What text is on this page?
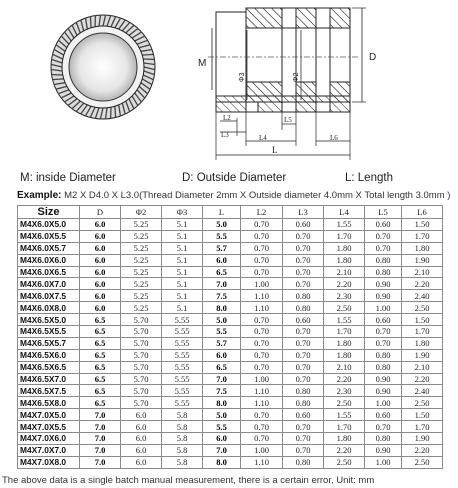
M
D
Φ3	Φ2
L2
L3	L4
L5
L6
L
M: inside Diameter	D: Outside Diameter	L: Length
Example: M2 X D4.0 X L3.0(Thread Diameter 2mm X Outside diameter 4.0mm X Total length 3.0mm )
Size	D	Φ2	Φ3	L	L2	L3	L4	L5	L6
M4X6.0X5.0	6.0	5.25	5.1	5.0	0.70	0.60	1.55	0.60	1.50
M4X6.0X5.5	6.0	5.25	5.1	5.5	0.70	0.70	1.70	0.70	1.70
M4X6.0X5.7	6.0	5.25	5.1	5.7	0.70	0.70	1.80	0.70	1.80
M4X6.0X6.0	6.0	5.25	5.1	6.0	0.70	0.70	1.80	0.80	1.90
M4X6.0X6.5	6.0	5.25	5.1	6.5	0.70	0.70	2.10	0.80	2.10
M4X6.0X7.0	6.0	5.25	5.1	7.0	1.00	0.70	2.20	0.90	2.20
M4X6.0X7.5	6.0	5.25	5.1	7.5	1.10	0.80	2.30	0.90	2.40
M4X6.0X8.0	6.0	5.25	5.1	8.0	1.10	0.80	2.50	1.00	2.50
M4X6.5X5.0	6.5	5.70	5.55	5.0	0.70	0.60	1.55	0.60	1.50
M4X6.5X5.5	6.5	5.70	5.55	5.5	0.70	0.70	1.70	0.70	1.70
M4X6.5X5.7	6.5	5.70	5.55	5.7	0.70	0.70	1.80	0.70	1.80
M4X6.5X6.0	6.5	5.70	5.55	6.0	0.70	0.70	1.80	0.80	1.90
M4X6.5X6.5	6.5	5.70	5.55	6.5	0.70	0.70	2.10	0.80	2.10
M4X6.5X7.0	6.5	5.70	5.55	7.0	1.00	0.70	2.20	0.90	2.20
M4X6.5X7.5	6.5	5.70	5.55	7.5	1.10	0.80	2.30	0.90	2.40
M4X6.5X8.0	6.5	5.70	5.55	8.0	1.10	0.80	2.50	1.00	2.50
M4X7.0X5.0	7.0	6.0	5.8	5.0	0.70	0.60	1.55	0.60	1.50
M4X7.0X5.5	7.0	6.0	5.8	5.5	0.70	0.70	1.70	0.70	1.70
M4X7.0X6.0	7.0	6.0	5.8	6.0	0.70	0.70	1.80	0.80	1.90
M4X7.0X7.0	7.0	6.0	5.8	7.0	1.00	0.70	2.20	0.90	2.20
M4X7.0X8.0	7.0	6.0	5.8	8.0	1.10	0.80	2.50	1.00	2.50
The above data is a single batch manual measurement, there is a certain error, Unit: mm
